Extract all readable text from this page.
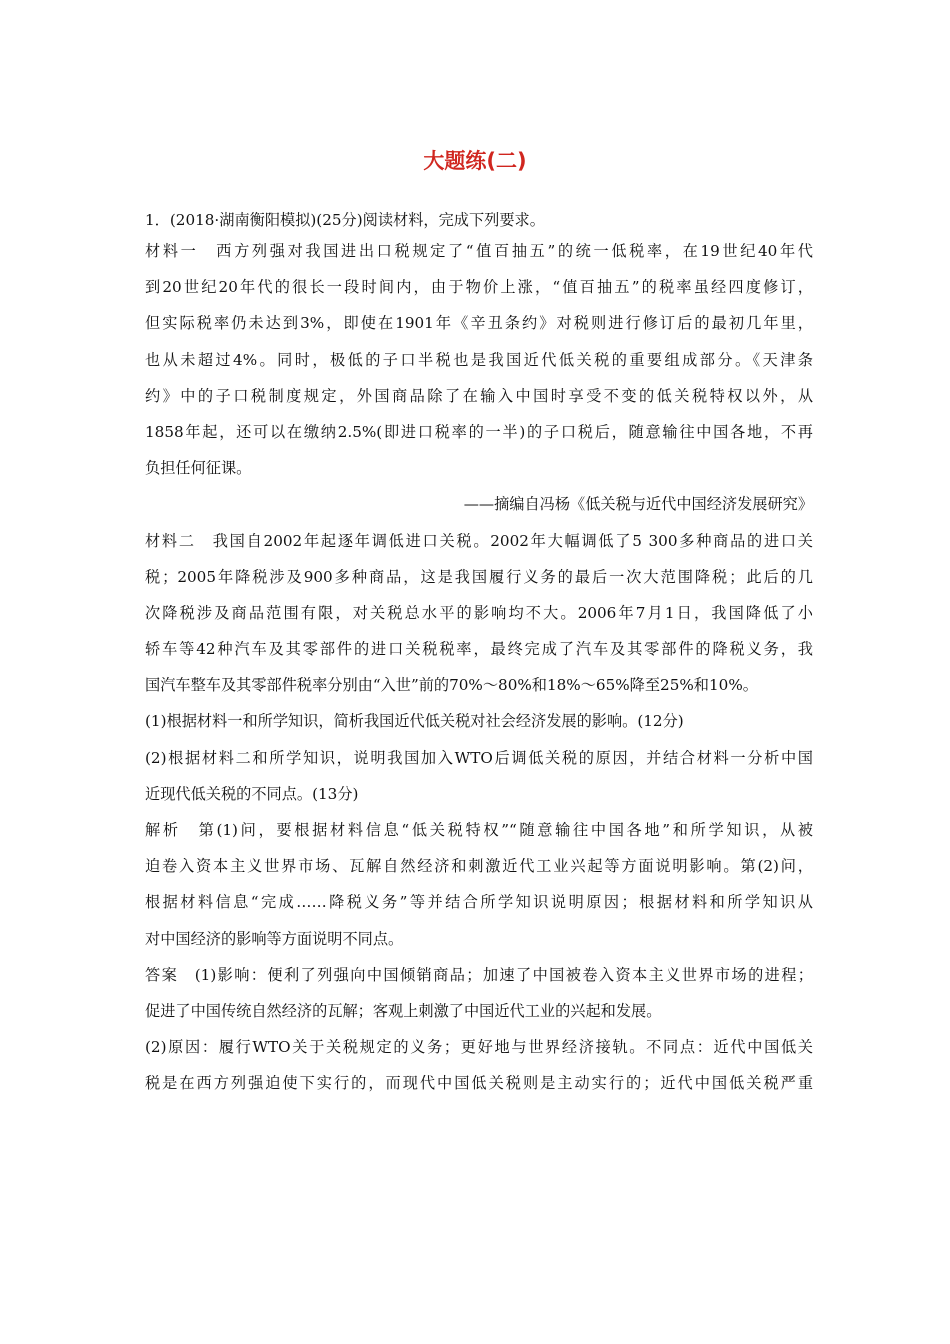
大题练(二)
1．(2018·湖南衡阳模拟)(25分)阅读材料，完成下列要求。
材料一　西方列强对我国进出口税规定了“值百抽五”的统一低税率，在19世纪40年代
到20世纪20年代的很长一段时间内，由于物价上涨，“值百抽五”的税率虽经四度修订，
但实际税率仍未达到3%，即使在1901年《辛丑条约》对税则进行修订后的最初几年里，
也从未超过4%。同时，极低的子口半税也是我国近代低关税的重要组成部分。《天津条
约》中的子口税制度规定，外国商品除了在输入中国时享受不变的低关税特权以外，从
1858年起，还可以在缴纳2.5%(即进口税率的一半)的子口税后，随意输往中国各地，不再
负担任何征课。
——摘编自冯杨《低关税与近代中国经济发展研究》
材料二　我国自2002年起逐年调低进口关税。2002年大幅调低了5 300多种商品的进口关
税；2005年降税涉及900多种商品，这是我国履行义务的最后一次大范围降税；此后的几
次降税涉及商品范围有限，对关税总水平的影响均不大。2006年7月1日，我国降低了小
轿车等42种汽车及其零部件的进口关税税率，最终完成了汽车及其零部件的降税义务，我
国汽车整车及其零部件税率分别由“入世”前的70%～80%和18%～65%降至25%和10%。
(1)根据材料一和所学知识，简析我国近代低关税对社会经济发展的影响。(12分)
(2)根据材料二和所学知识，说明我国加入WTO后调低关税的原因，并结合材料一分析中国
近现代低关税的不同点。(13分)
解析　第(1)问，要根据材料信息“低关税特权”“随意输往中国各地”和所学知识，从被
迫卷入资本主义世界市场、瓦解自然经济和刺激近代工业兴起等方面说明影响。第(2)问，
根据材料信息“完成……降税义务”等并结合所学知识说明原因；根据材料和所学知识从
对中国经济的影响等方面说明不同点。
答案　(1)影响：便利了列强向中国倾销商品；加速了中国被卷入资本主义世界市场的进程；
促进了中国传统自然经济的瓦解；客观上刺激了中国近代工业的兴起和发展。
(2)原因：履行WTO关于关税规定的义务；更好地与世界经济接轨。不同点：近代中国低关
税是在西方列强迫使下实行的，而现代中国低关税则是主动实行的；近代中国低关税严重
